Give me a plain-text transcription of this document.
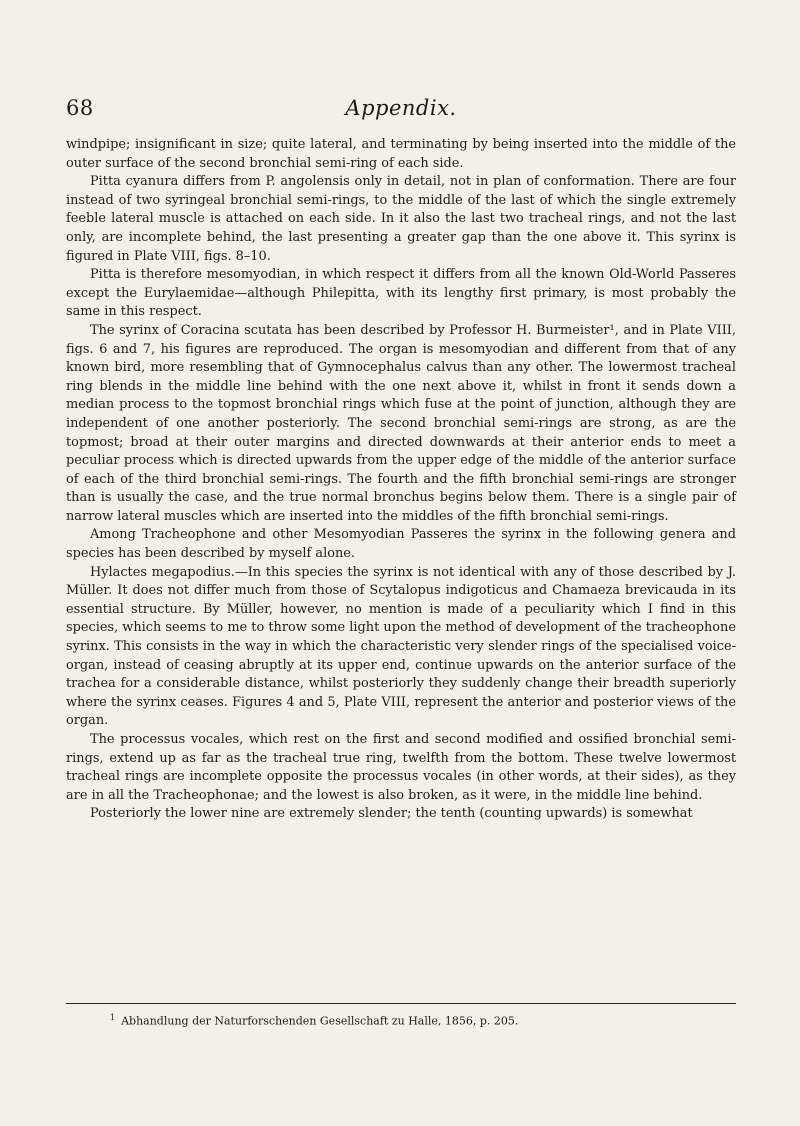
68	Appendix.

windpipe; insignificant in size; quite lateral, and terminating by being inserted into the middle of the outer surface of the second bronchial semi-ring of each side.

Pitta cyanura differs from P. angolensis only in detail, not in plan of conformation. There are four instead of two syringeal bronchial semi-rings, to the middle of the last of which the single extremely feeble lateral muscle is attached on each side. In it also the last two tracheal rings, and not the last only, are incomplete behind, the last presenting a greater gap than the one above it. This syrinx is figured in Plate VIII, figs. 8–10.

Pitta is therefore mesomyodian, in which respect it differs from all the known Old-World Passeres except the Eurylaemidae—although Philepitta, with its lengthy first primary, is most probably the same in this respect.

The syrinx of Coracina scutata has been described by Professor H. Burmeister¹, and in Plate VIII, figs. 6 and 7, his figures are reproduced. The organ is mesomyodian and different from that of any known bird, more resembling that of Gymnocephalus calvus than any other. The lowermost tracheal ring blends in the middle line behind with the one next above it, whilst in front it sends down a median process to the topmost bronchial rings which fuse at the point of junction, although they are independent of one another posteriorly. The second bronchial semi-rings are strong, as are the topmost; broad at their outer margins and directed downwards at their anterior ends to meet a peculiar process which is directed upwards from the upper edge of the middle of the anterior surface of each of the third bronchial semi-rings. The fourth and the fifth bronchial semi-rings are stronger than is usually the case, and the true normal bronchus begins below them. There is a single pair of narrow lateral muscles which are inserted into the middles of the fifth bronchial semi-rings.

Among Tracheophone and other Mesomyodian Passeres the syrinx in the following genera and species has been described by myself alone.

Hylactes megapodius.—In this species the syrinx is not identical with any of those described by J. Müller. It does not differ much from those of Scytalopus indigoticus and Chamaeza brevicauda in its essential structure. By Müller, however, no mention is made of a peculiarity which I find in this species, which seems to me to throw some light upon the method of development of the tracheophone syrinx. This consists in the way in which the characteristic very slender rings of the specialised voice-organ, instead of ceasing abruptly at its upper end, continue upwards on the anterior surface of the trachea for a considerable distance, whilst posteriorly they suddenly change their breadth superiorly where the syrinx ceases. Figures 4 and 5, Plate VIII, represent the anterior and posterior views of the organ.

The processus vocales, which rest on the first and second modified and ossified bronchial semi-rings, extend up as far as the tracheal true ring, twelfth from the bottom. These twelve lowermost tracheal rings are incomplete opposite the processus vocales (in other words, at their sides), as they are in all the Tracheophonae; and the lowest is also broken, as it were, in the middle line behind.

Posteriorly the lower nine are extremely slender; the tenth (counting upwards) is somewhat

$^1$ Abhandlung der Naturforschenden Gesellschaft zu Halle, 1856, p. 205.
